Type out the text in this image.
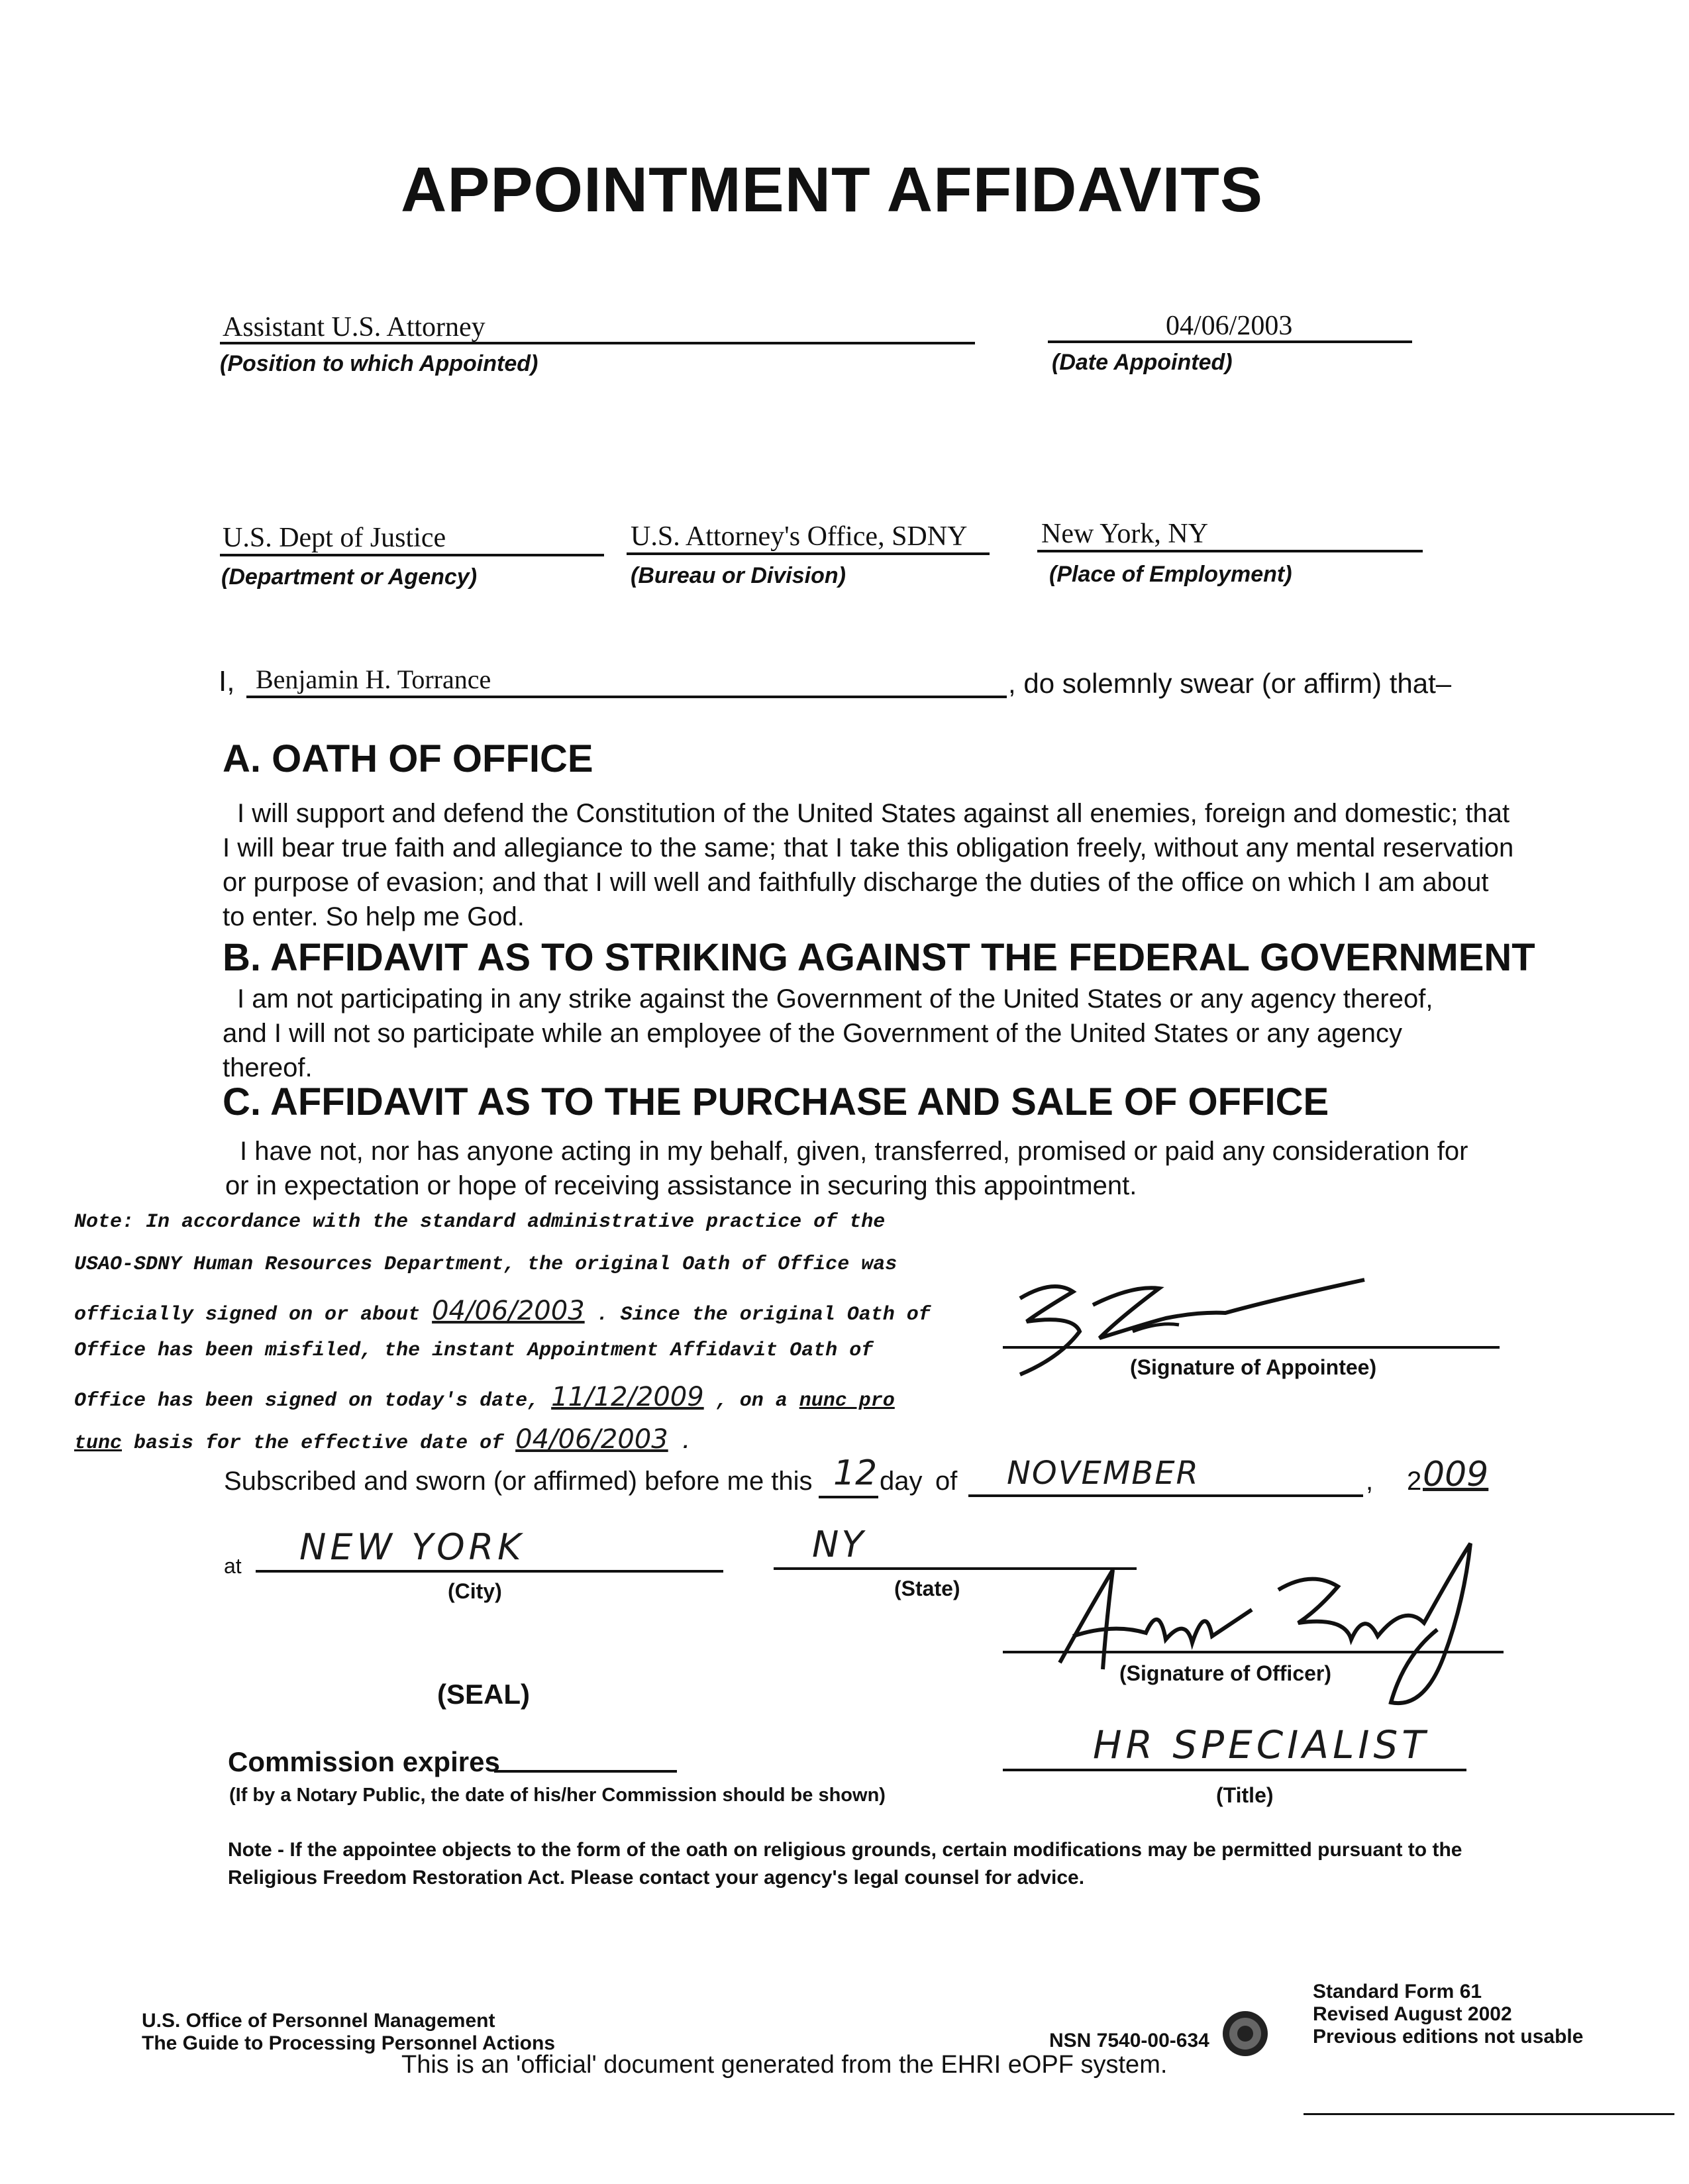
APPOINTMENT AFFIDAVITS
Assistant U.S. Attorney
(Position to which Appointed)
04/06/2003
(Date Appointed)
U.S. Dept of Justice
(Department or Agency)
U.S. Attorney's Office, SDNY
(Bureau or Division)
New York, NY
(Place of Employment)
I, Benjamin H. Torrance	, do solemnly swear (or affirm) that–
A. OATH OF OFFICE
I will support and defend the Constitution of the United States against all enemies, foreign and domestic; that I will bear true faith and allegiance to the same; that I take this obligation freely, without any mental reservation or purpose of evasion; and that I will well and faithfully discharge the duties of the office on which I am about to enter. So help me God.
B. AFFIDAVIT AS TO STRIKING AGAINST THE FEDERAL GOVERNMENT
I am not participating in any strike against the Government of the United States or any agency thereof, and I will not so participate while an employee of the Government of the United States or any agency thereof.
C. AFFIDAVIT AS TO THE PURCHASE AND SALE OF OFFICE
I have not, nor has anyone acting in my behalf, given, transferred, promised or paid any consideration for or in expectation or hope of receiving assistance in securing this appointment.
Note: In accordance with the standard administrative practice of the
USAO-SDNY Human Resources Department, the original Oath of Office was
officially signed on or about 04/06/2003 . Since the original Oath of
Office has been misfiled, the instant Appointment Affidavit Oath of
Office has been signed on today's date, 11/12/2009 , on a nunc pro
tunc basis for the effective date of 04/06/2003 .
(Signature of Appointee)
Subscribed and sworn (or affirmed) before me this 12 day of NOVEMBER	, 2 009
at NEW YORK
(City)
NY
(State)
(Signature of Officer)
(SEAL)
Commission expires
(If by a Notary Public, the date of his/her Commission should be shown)
HR SPECIALIST
(Title)
Note - If the appointee objects to the form of the oath on religious grounds, certain modifications may be permitted pursuant to the Religious Freedom Restoration Act. Please contact your agency's legal counsel for advice.
U.S. Office of Personnel Management
The Guide to Processing Personnel Actions	NSN 7540-00-634
Standard Form 61
Revised August 2002
Previous editions not usable
This is an 'official' document generated from the EHRI eOPF system.
